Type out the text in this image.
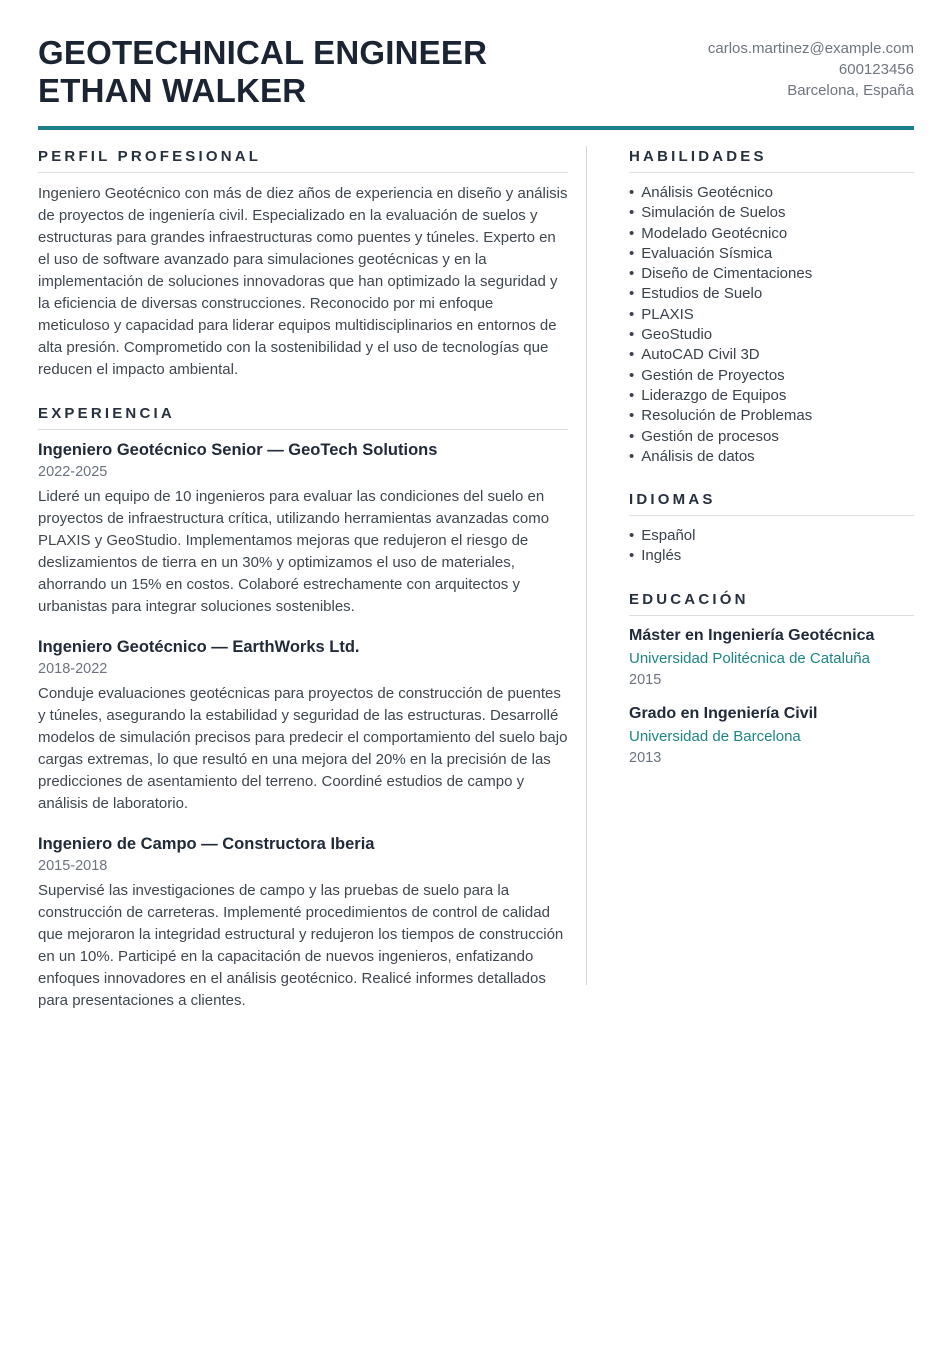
GEOTECHNICAL ENGINEER
ETHAN WALKER
carlos.martinez@example.com
600123456
Barcelona, España
PERFIL PROFESIONAL

Ingeniero Geotécnico con más de diez años de experiencia en diseño y análisis de proyectos de ingeniería civil. Especializado en la evaluación de suelos y estructuras para grandes infraestructuras como puentes y túneles. Experto en el uso de software avanzado para simulaciones geotécnicas y en la implementación de soluciones innovadoras que han optimizado la seguridad y la eficiencia de diversas construcciones. Reconocido por mi enfoque meticuloso y capacidad para liderar equipos multidisciplinarios en entornos de alta presión. Comprometido con la sostenibilidad y el uso de tecnologías que reducen el impacto ambiental.

EXPERIENCIA
Ingeniero Geotécnico Senior — GeoTech Solutions
2022-2025

Lideré un equipo de 10 ingenieros para evaluar las condiciones del suelo en proyectos de infraestructura crítica, utilizando herramientas avanzadas como PLAXIS y GeoStudio. Implementamos mejoras que redujeron el riesgo de deslizamientos de tierra en un 30% y optimizamos el uso de materiales, ahorrando un 15% en costos. Colaboré estrechamente con arquitectos y urbanistas para integrar soluciones sostenibles.

Ingeniero Geotécnico — EarthWorks Ltd.
2018-2022

Conduje evaluaciones geotécnicas para proyectos de construcción de puentes y túneles, asegurando la estabilidad y seguridad de las estructuras. Desarrollé modelos de simulación precisos para predecir el comportamiento del suelo bajo cargas extremas, lo que resultó en una mejora del 20% en la precisión de las predicciones de asentamiento del terreno. Coordiné estudios de campo y análisis de laboratorio.

Ingeniero de Campo — Constructora Iberia
2015-2018

Supervisé las investigaciones de campo y las pruebas de suelo para la construcción de carreteras. Implementé procedimientos de control de calidad que mejoraron la integridad estructural y redujeron los tiempos de construcción en un 10%. Participé en la capacitación de nuevos ingenieros, enfatizando enfoques innovadores en el análisis geotécnico. Realicé informes detallados para presentaciones a clientes.

HABILIDADES
• Análisis Geotécnico
• Simulación de Suelos
• Modelado Geotécnico
• Evaluación Sísmica
• Diseño de Cimentaciones
• Estudios de Suelo
• PLAXIS
• GeoStudio
• AutoCAD Civil 3D
• Gestión de Proyectos
• Liderazgo de Equipos
• Resolución de Problemas
• Gestión de procesos
• Análisis de datos
IDIOMAS
• Español
• Inglés
EDUCACIÓN
Máster en Ingeniería Geotécnica
Universidad Politécnica de Cataluña
2015
Grado en Ingeniería Civil
Universidad de Barcelona
2013
